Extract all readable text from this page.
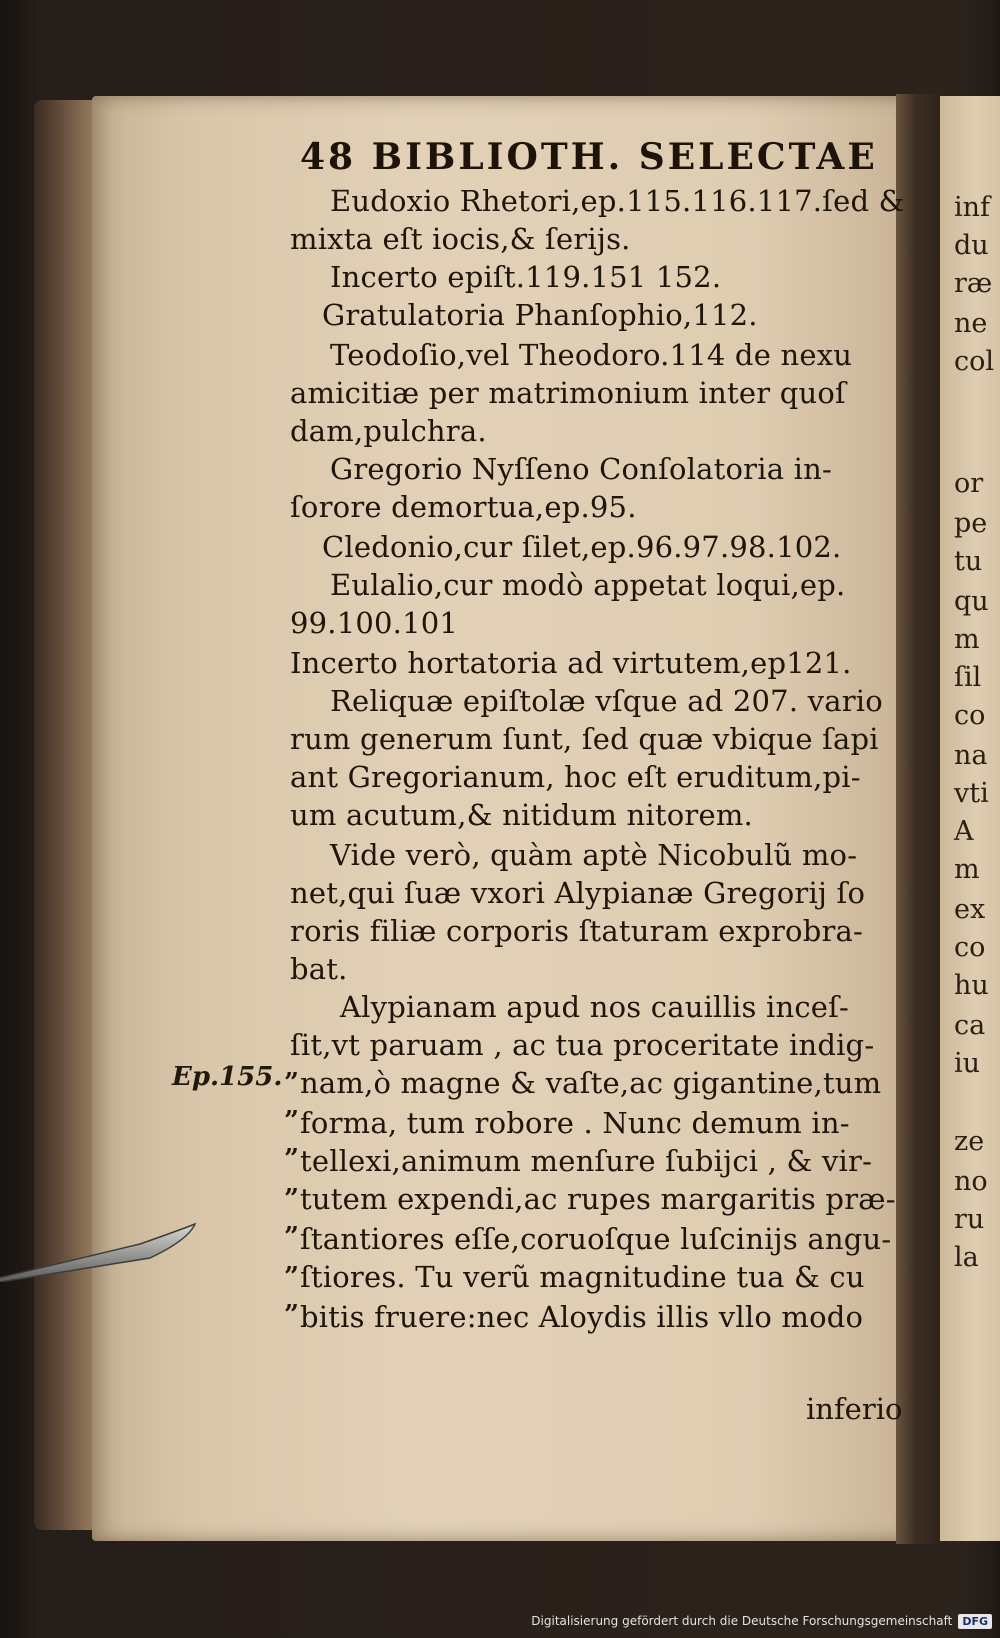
inf
du
ræ
ne
col
or
pe
tu
qu
m
ſil
co
na
vti
A
m
ex
co
hu
ca
iu
ze
no
ru
la
48 BIBLIOTH. SELECTAE
Eudoxio Rhetori,ep.115.116.117.ſed &
mixta eſt iocis,& ſerijs.
Incerto epiſt.119.151 152.
Gratulatoria Phanſophio,112.
Teodoſio,vel Theodoro.114 de nexu
amicitiæ per matrimonium inter quoſ
dam,pulchra.
Gregorio Nyſſeno Conſolatoria in-
ſorore demortua,ep.95.
Cledonio,cur ſilet,ep.96.97.98.102.
Eulalio,cur modò appetat loqui,ep.
99.100.101
Incerto hortatoria ad virtutem,ep121.
Reliquæ epiſtolæ vſque ad 207. vario
rum generum ſunt, ſed quæ vbique ſapi
ant Gregorianum, hoc eſt eruditum,pi-
um acutum,& nitidum nitorem.
Vide verò, quàm aptè Nicobulũ mo-
net,qui ſuæ vxori Alypianæ Gregorij ſo
roris filiæ corporis ſtaturam exprobra-
bat.
Alypianam apud nos cauillis inceſ-
ſit,vt paruam , ac tua proceritate indig-
nam,ò magne & vaſte,ac gigantine,tum
forma, tum robore . Nunc demum in-
tellexi,animum menſure ſubijci , & vir-
tutem expendi,ac rupes margaritis præ-
ſtantiores eſſe,coruoſque luſcinijs angu-
ſtiores. Tu verũ magnitudine tua & cu
bitis fruere:nec Aloydis illis vllo modo
Ep.155. ”
”
”
”
”
”
”
inferio
Digitalisierung gefördert durch die Deutsche Forschungsgemeinschaft DFG
